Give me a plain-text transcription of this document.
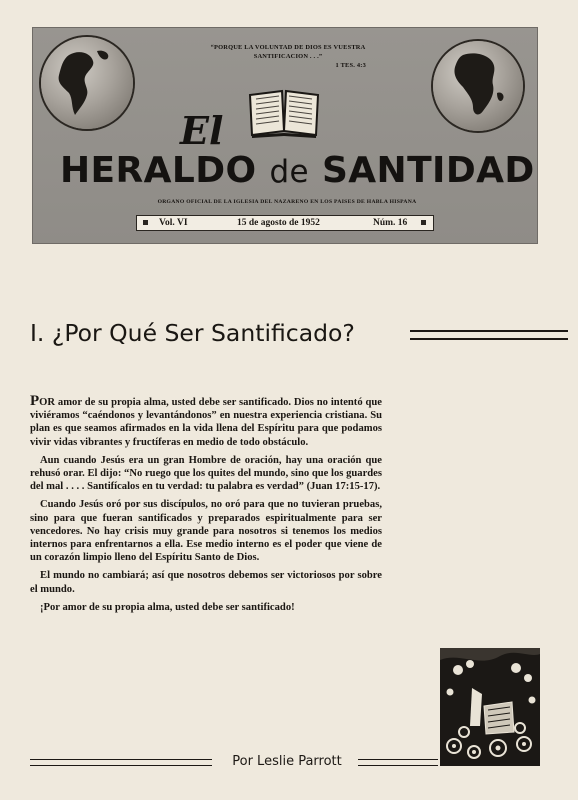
“PORQUE LA VOLUNTAD DE DIOS ES VUESTRA
SANTIFICACION . . .”

1 TES. 4:3
El
HERALDO de SANTIDAD
ORGANO OFICIAL DE LA IGLESIA DEL NAZARENO EN LOS PAISES DE HABLA HISPANA
Vol. VI	15 de agosto de 1952	Núm. 16
I. ¿Por Qué Ser Santificado?

POR amor de su propia alma, usted debe ser santificado. Dios no intentó que viviéramos “caéndonos y levantándonos” en nuestra experiencia cristiana. Su plan es que seamos afirmados en la vida llena del Espíritu para que podamos vivir vidas vibrantes y fructíferas en medio de todo obstáculo.

Aun cuando Jesús era un gran Hombre de oración, hay una oración que rehusó orar. El dijo: “No ruego que los quites del mundo, sino que los guardes del mal . . . . Santifícalos en tu verdad: tu palabra es verdad” (Juan 17:15-17).

Cuando Jesús oró por sus discípulos, no oró para que no tuvieran pruebas, sino para que fueran santificados y preparados espiritualmente para ser vencedores. No hay crisis muy grande para nosotros si tenemos los medios internos para enfrentarnos a ella. Ese medio interno es el poder que viene de un corazón limpio lleno del Espíritu Santo de Dios.

El mundo no cambiará; así que nosotros debemos ser victoriosos por sobre el mundo.

¡Por amor de su propia alma, usted debe ser santificado!

Por Leslie Parrott
